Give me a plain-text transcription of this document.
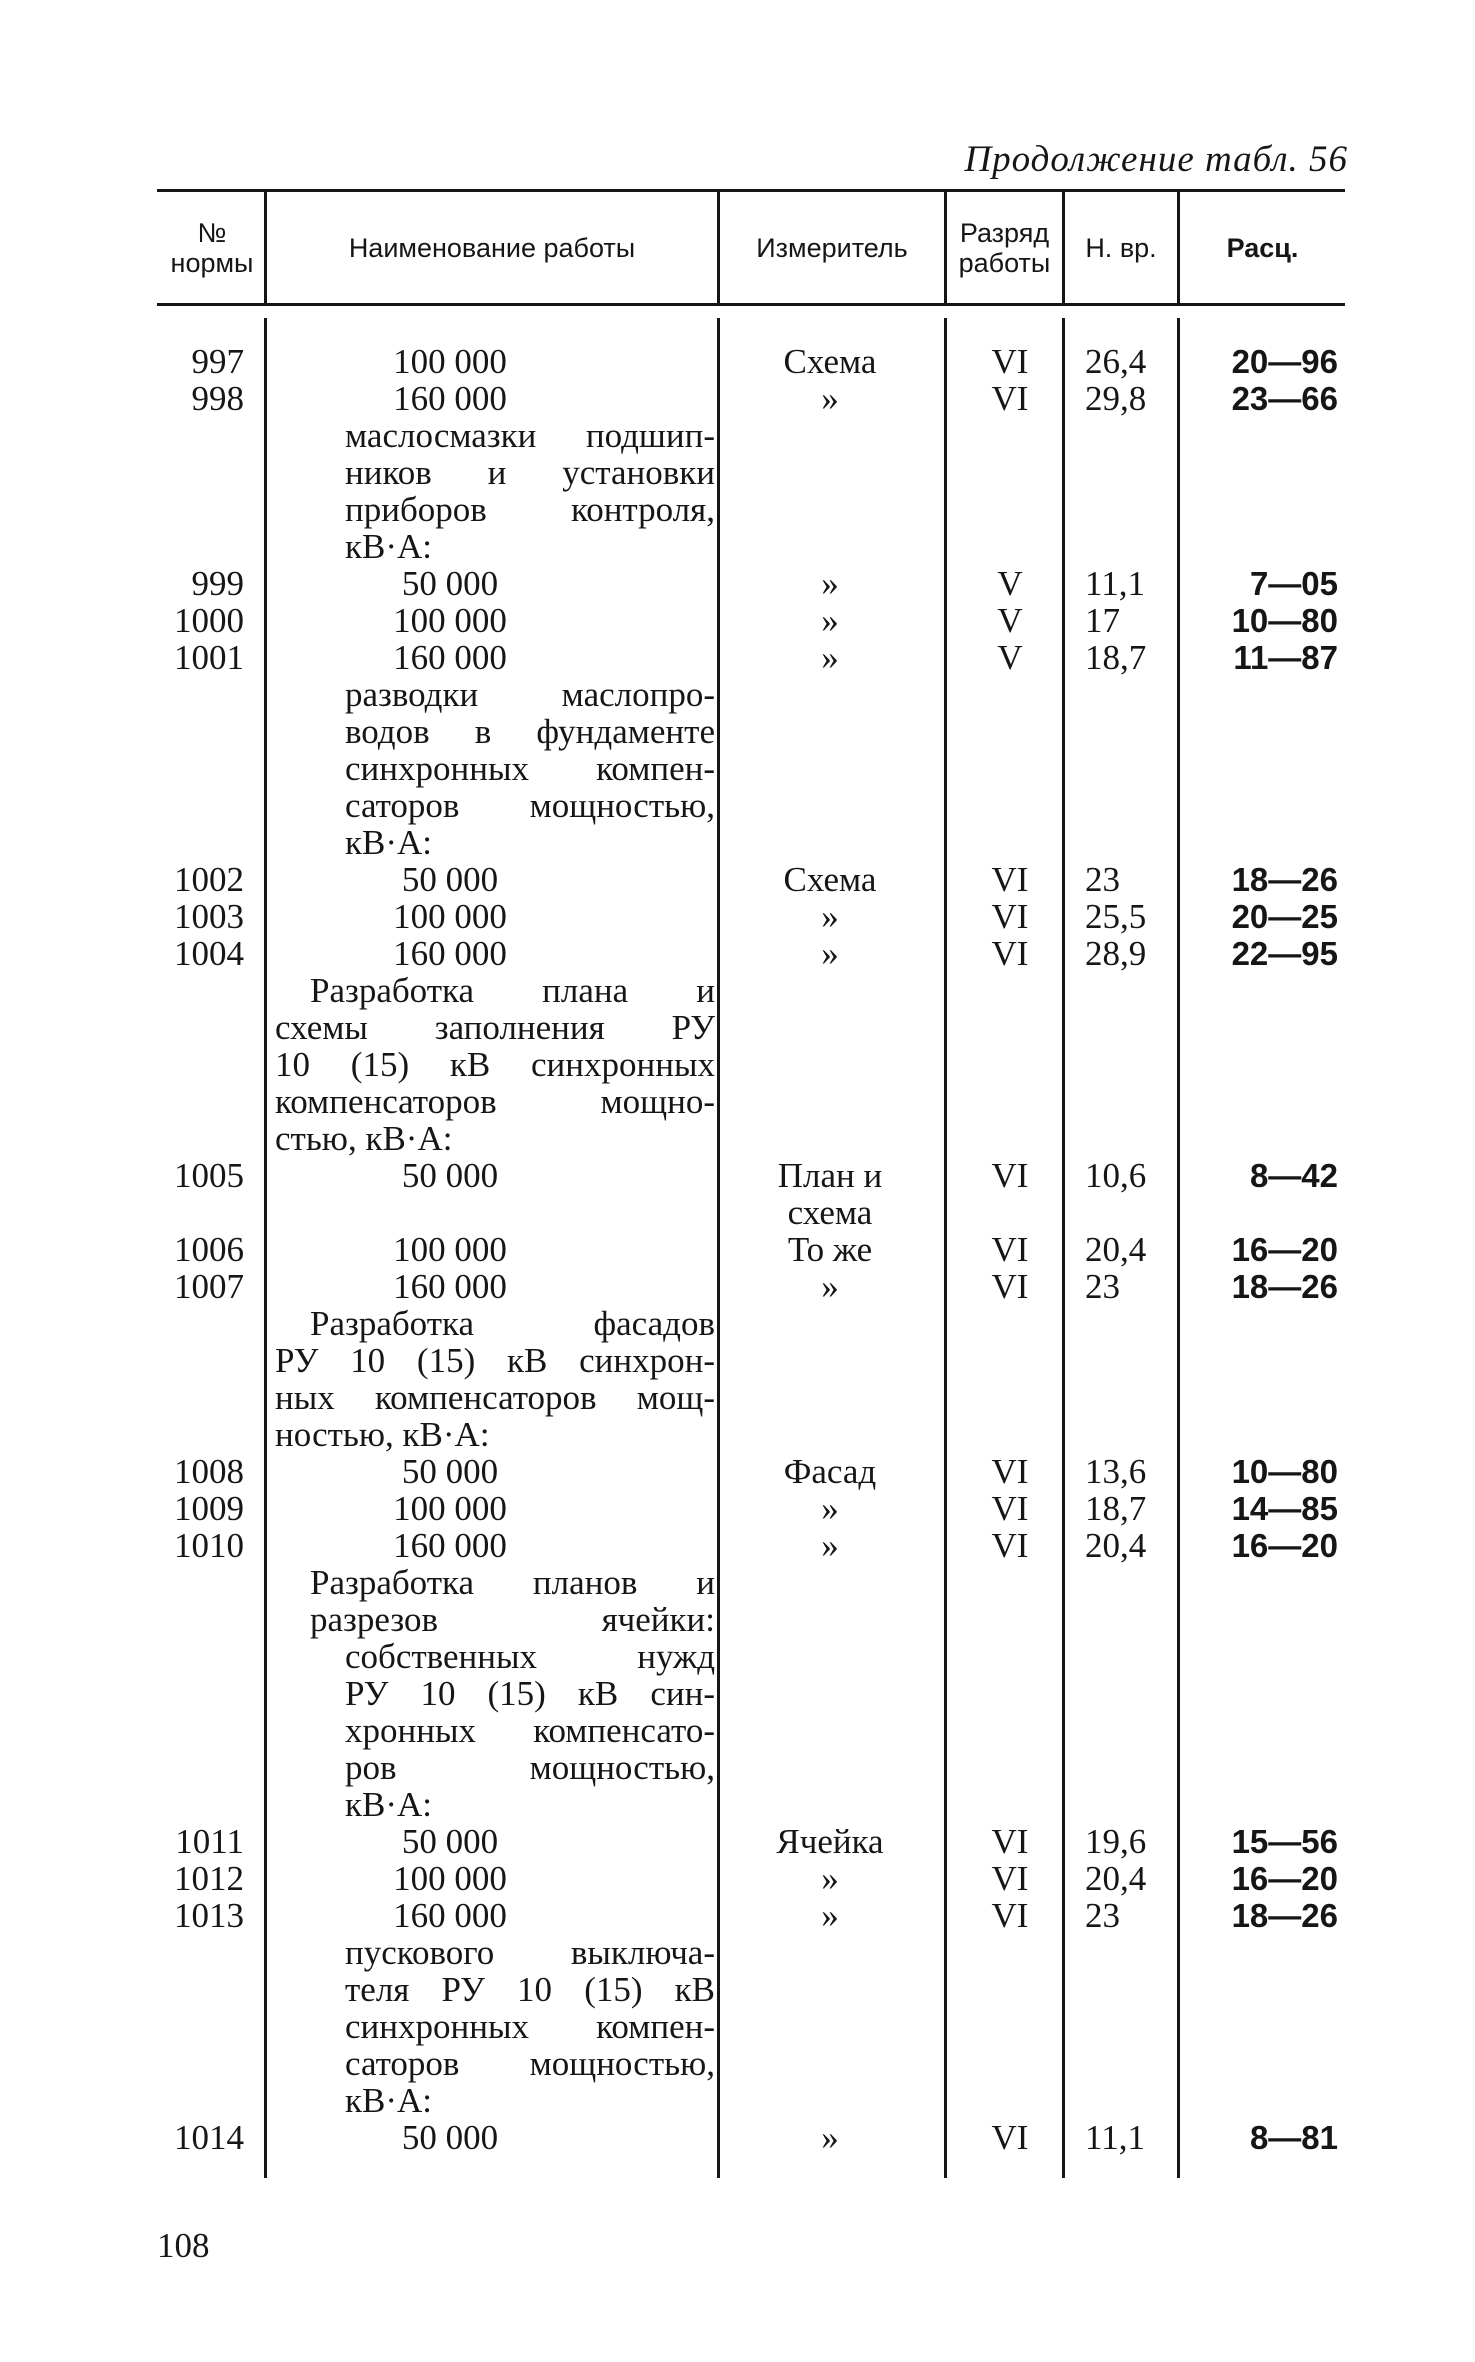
Продолжение табл. 56
№ нормы	Наименование работы	Измеритель	Разряд работы	Н. вр.	Расц.
997	100 000	Схема	VI	26,4	20—96
998	160 000	»	VI	29,8	23—66
маслосмазки подшип-
ников и установки
приборов контроля,
кВ·А:
999	50 000	»	V	11,1	7—05
1000	100 000	»	V	17	10—80
1001	160 000	»	V	18,7	11—87
разводки маслопро-
водов в фундаменте
синхронных компен-
саторов мощностью,
кВ·А:
1002	50 000	Схема	VI	23	18—26
1003	100 000	»	VI	25,5	20—25
1004	160 000	»	VI	28,9	22—95
Разработка плана и
схемы заполнения РУ
10 (15) кВ синхронных
компенсаторов мощно-
стью, кВ·А:
1005	50 000	План и	VI	10,6	8—42
схема
1006	100 000	То же	VI	20,4	16—20
1007	160 000	»	VI	23	18—26
Разработка фасадов
РУ 10 (15) кВ синхрон-
ных компенсаторов мощ-
ностью, кВ·А:
1008	50 000	Фасад	VI	13,6	10—80
1009	100 000	»	VI	18,7	14—85
1010	160 000	»	VI	20,4	16—20
Разработка планов и
разрезов ячейки:
собственных нужд
РУ 10 (15) кВ син-
хронных компенсато-
ров мощностью,
кВ·А:
1011	50 000	Ячейка	VI	19,6	15—56
1012	100 000	»	VI	20,4	16—20
1013	160 000	»	VI	23	18—26
пускового выключа-
теля РУ 10 (15) кВ
синхронных компен-
саторов мощностью,
кВ·А:
1014	50 000	»	VI	11,1	8—81
108
